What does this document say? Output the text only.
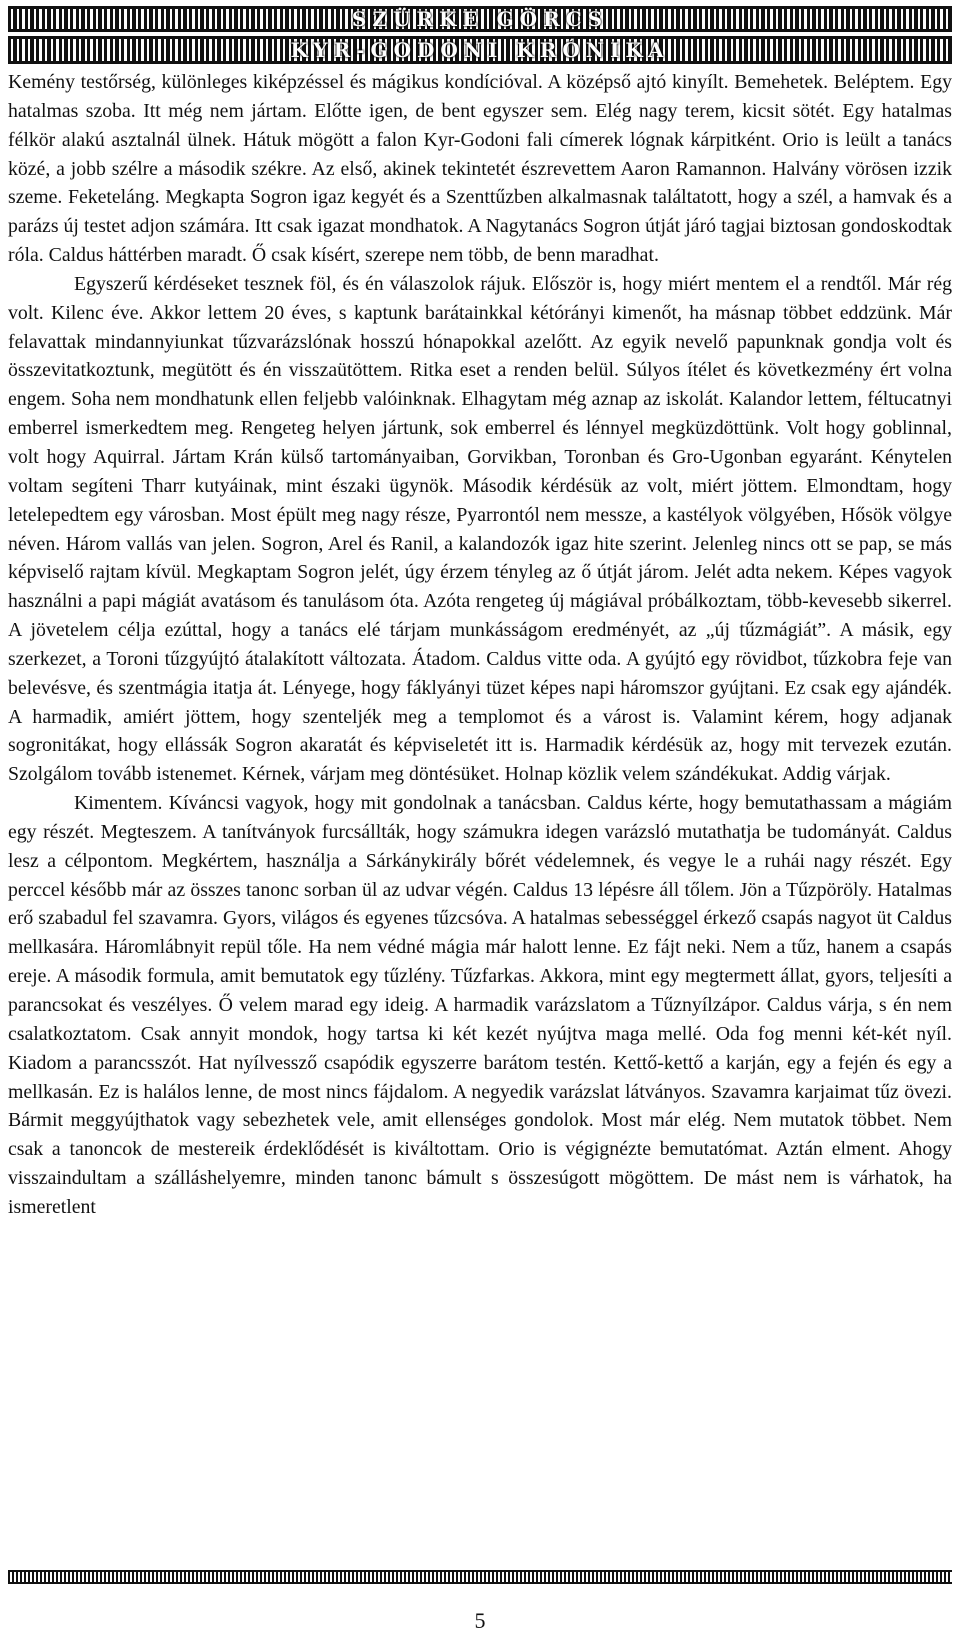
SZÜRKE GÖRCS
KYR-GODONI KRÓNIKA

Kemény testőrség, különleges kiképzéssel és mágikus kondícióval. A középső ajtó kinyílt. Bemehetek. Beléptem. Egy hatalmas szoba. Itt még nem jártam. Előtte igen, de bent egyszer sem. Elég nagy terem, kicsit sötét. Egy hatalmas félkör alakú asztalnál ülnek. Hátuk mögött a falon Kyr-Godoni fali címerek lógnak kárpitként. Orio is leült a tanács közé, a jobb szélre a második székre. Az első, akinek tekintetét észrevettem Aaron Ramannon. Halvány vörösen izzik szeme. Feketeláng. Megkapta Sogron igaz kegyét és a Szenttűzben alkalmasnak találtatott, hogy a szél, a hamvak és a parázs új testet adjon számára. Itt csak igazat mondhatok. A Nagytanács Sogron útját járó tagjai biztosan gondoskodtak róla. Caldus háttérben maradt. Ő csak kísért, szerepe nem több, de benn maradhat.

Egyszerű kérdéseket tesznek föl, és én válaszolok rájuk. Először is, hogy miért mentem el a rendtől. Már rég volt. Kilenc éve. Akkor lettem 20 éves, s kaptunk barátainkkal kétórányi kimenőt, ha másnap többet eddzünk. Már felavattak mindannyiunkat tűzvarázslónak hosszú hónapokkal azelőtt. Az egyik nevelő papunknak gondja volt és összevitatkoztunk, megütött és én visszaütöttem. Ritka eset a renden belül. Súlyos ítélet és következmény ért volna engem. Soha nem mondhatunk ellen feljebb valóinknak. Elhagytam még aznap az iskolát. Kalandor lettem, féltucatnyi emberrel ismerkedtem meg. Rengeteg helyen jártunk, sok emberrel és lénnyel megküzdöttünk. Volt hogy goblinnal, volt hogy Aquirral. Jártam Krán külső tartományaiban, Gorvikban, Toronban és Gro-Ugonban egyaránt. Kénytelen voltam segíteni Tharr kutyáinak, mint északi ügynök. Második kérdésük az volt, miért jöttem. Elmondtam, hogy letelepedtem egy városban. Most épült meg nagy része, Pyarrontól nem messze, a kastélyok völgyében, Hősök völgye néven. Három vallás van jelen. Sogron, Arel és Ranil, a kalandozók igaz hite szerint. Jelenleg nincs ott se pap, se más képviselő rajtam kívül. Megkaptam Sogron jelét, úgy érzem tényleg az ő útját járom. Jelét adta nekem. Képes vagyok használni a papi mágiát avatásom és tanulásom óta. Azóta rengeteg új mágiával próbálkoztam, több-kevesebb sikerrel. A jövetelem célja ezúttal, hogy a tanács elé tárjam munkásságom eredményét, az „új tűzmágiát”. A másik, egy szerkezet, a Toroni tűzgyújtó átalakított változata. Átadom. Caldus vitte oda. A gyújtó egy rövidbot, tűzkobra feje van belevésve, és szentmágia itatja át. Lényege, hogy fáklyányi tüzet képes napi háromszor gyújtani. Ez csak egy ajándék. A harmadik, amiért jöttem, hogy szenteljék meg a templomot és a várost is. Valamint kérem, hogy adjanak sogronitákat, hogy ellássák Sogron akaratát és képviseletét itt is. Harmadik kérdésük az, hogy mit tervezek ezután. Szolgálom tovább istenemet. Kérnek, várjam meg döntésüket. Holnap közlik velem szándékukat. Addig várjak.

Kimentem. Kíváncsi vagyok, hogy mit gondolnak a tanácsban. Caldus kérte, hogy bemutathassam a mágiám egy részét. Megteszem. A tanítványok furcsállták, hogy számukra idegen varázsló mutathatja be tudományát. Caldus lesz a célpontom. Megkértem, használja a Sárkánykirály bőrét védelemnek, és vegye le a ruhái nagy részét. Egy perccel később már az összes tanonc sorban ül az udvar végén. Caldus 13 lépésre áll tőlem. Jön a Tűzpöröly. Hatalmas erő szabadul fel szavamra. Gyors, világos és egyenes tűzcsóva. A hatalmas sebességgel érkező csapás nagyot üt Caldus mellkasára. Háromlábnyit repül tőle. Ha nem védné mágia már halott lenne. Ez fájt neki. Nem a tűz, hanem a csapás ereje. A második formula, amit bemutatok egy tűzlény. Tűzfarkas. Akkora, mint egy megtermett állat, gyors, teljesíti a parancsokat és veszélyes. Ő velem marad egy ideig. A harmadik varázslatom a Tűznyílzápor. Caldus várja, s én nem csalatkoztatom. Csak annyit mondok, hogy tartsa ki két kezét nyújtva maga mellé. Oda fog menni két-két nyíl. Kiadom a parancsszót. Hat nyílvessző csapódik egyszerre barátom testén. Kettő-kettő a karján, egy a fején és egy a mellkasán. Ez is halálos lenne, de most nincs fájdalom. A negyedik varázslat látványos. Szavamra karjaimat tűz övezi. Bármit meggyújthatok vagy sebezhetek vele, amit ellenséges gondolok. Most már elég. Nem mutatok többet. Nem csak a tanoncok de mestereik érdeklődését is kiváltottam. Orio is végignézte bemutatómat. Aztán elment. Ahogy visszaindultam a szálláshelyemre, minden tanonc bámult s összesúgott mögöttem. De mást nem is várhatok, ha ismeretlent

5
